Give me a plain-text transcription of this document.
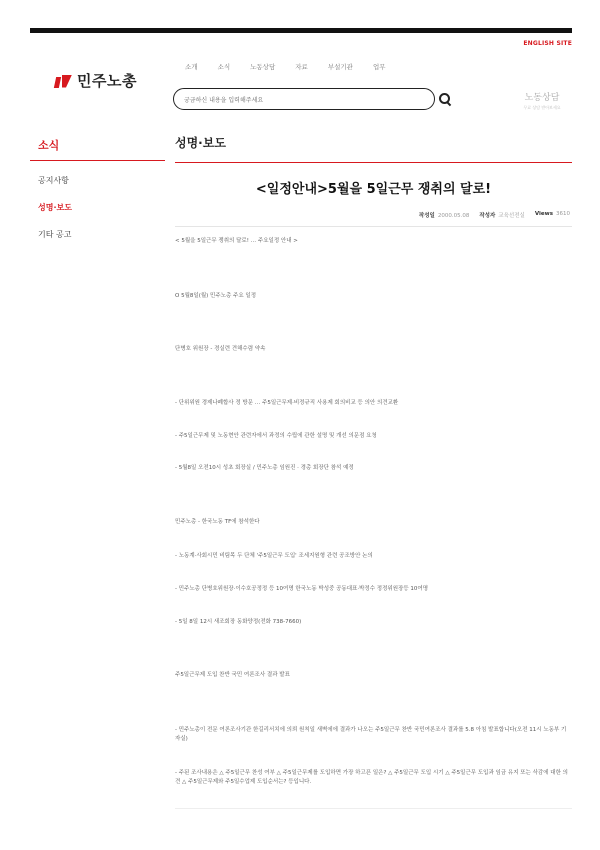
ENGLISH SITE
민주노총
소개	소식	노동상담	자료	부설기관	업무
궁금하신 내용을 입력해주세요	노동상담
무료 상담 받아보세요
소식
공지사항
성명·보도
기타 공고
성명·보도
<일정안내>5월을 5일근무 쟁취의 달로!
작성일 2000.05.08 작성자 교육선전실 Views 3610
< 5월을 5일근무 쟁취의 달로! … 주요일정 안내 >
O 5월8일(월) 민주노총 주요 일정
단병호 위원장 - 경실련 견해수렴 약속
- 단위위원 경제나폐합사 정 방문 … 주5일근무제·비정규직 사용제 회의비교 등 의안 의견교환
- 주5일근무제 및 노동현안 관련자에서 과정의 수립에 관한 설명 및 개선 의문점 요청
- 5월8일 오전10시 성초 회장실 / 민주노총 임원진 · 경총 회장단 참석 예정
민주노총 - 한국노동 TF에 참석한다
- 노동계·사회시민 비팀목 두 단체 '주5일근무 도입' 조세지원형 관련 공조방안 논의
- 민주노총 단병호위원장·이수호공정정 등 10여명 한국노동 박성중 공동대표·박정수 정정위원장등 10여명
- 5일 8일 12시 새조회장 동화양정(전화 738-7660)
주5일근무제 도입 찬반 국민 여론조사 결과 발표
- 민주노총이 전문 여론조사기관 한길리서치에 의뢰 원칙일 새벽에에 결과가 나오는 주5일근무 찬반 국민여론조사 결과를 5.8 아침 발표합니다(오전 11시 노동부 기자실)
- 주된 조사내용은 △ 주5일근무 찬성 여부 △ 주5일근무제를 도입하면 가장 하고픈 일은? △ 주5일근무 도입 시기 △ 주5일근무 도입과 임금 유지 또는 삭감에 대한 의견 △ 주5일근무제와 주5일수업제 도입순서는? 등입니다.
